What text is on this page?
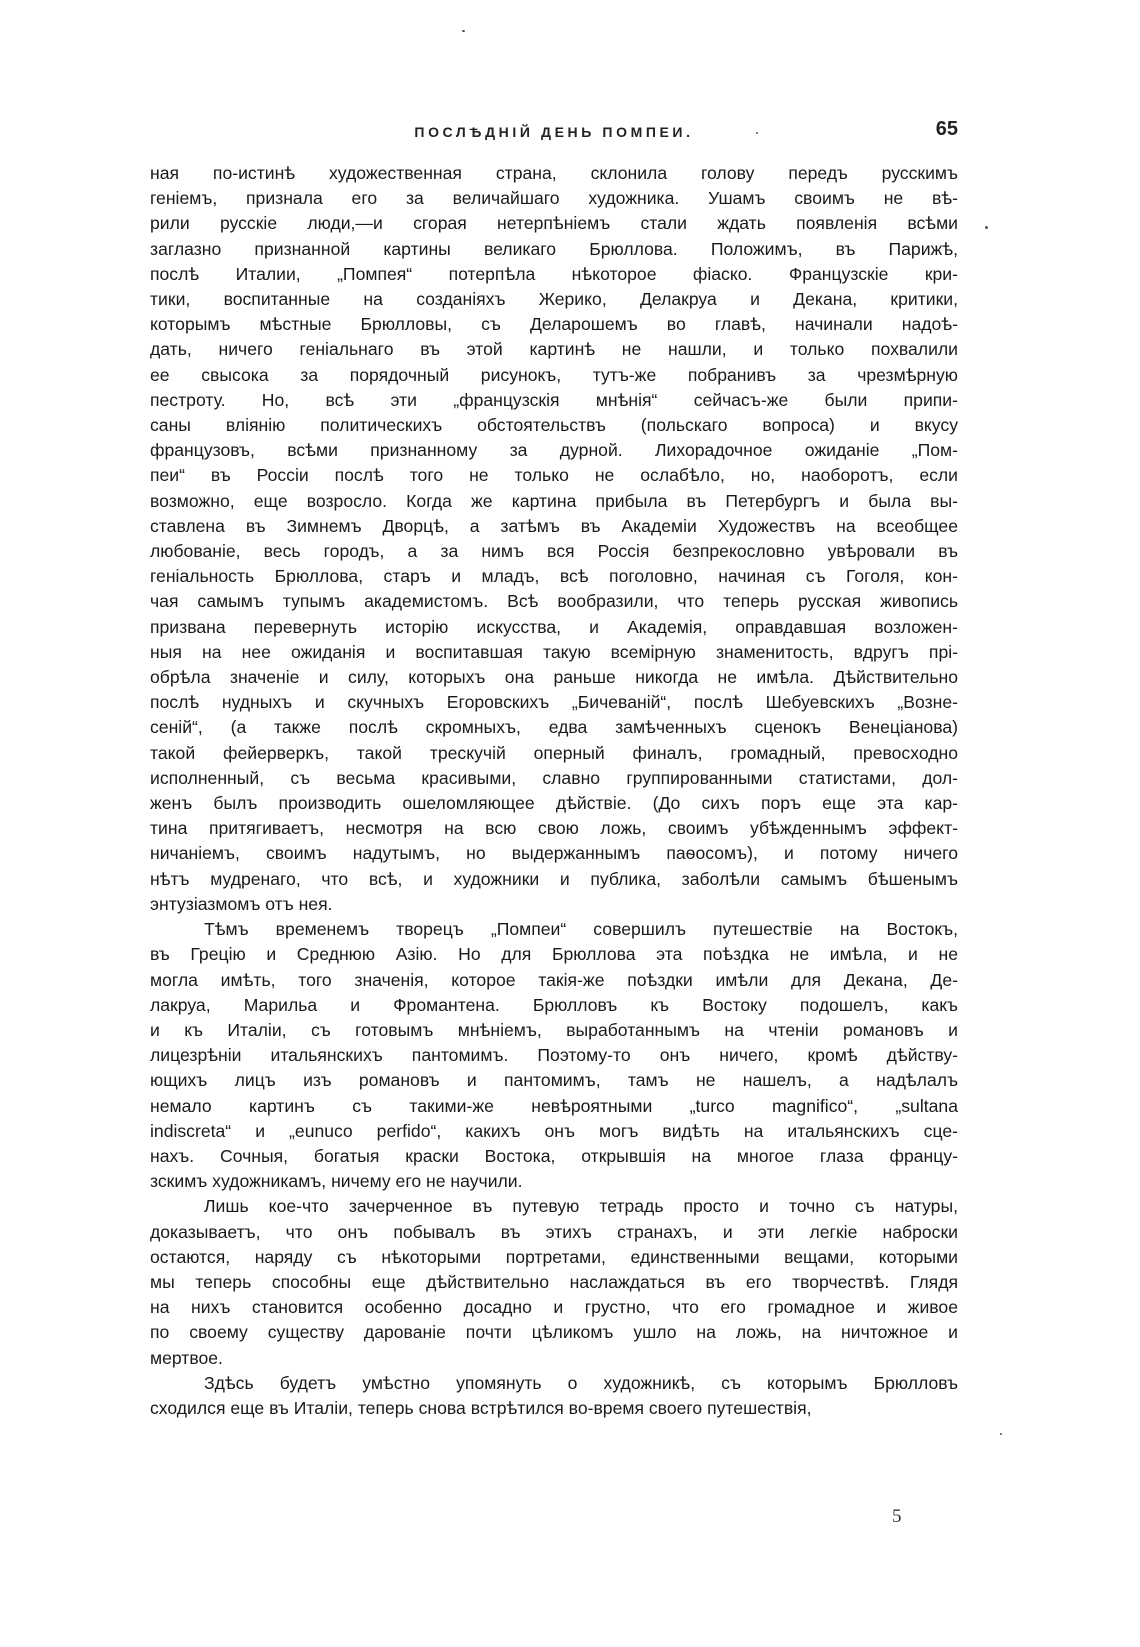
ПОСЛѢДНIЙ ДЕНЬ ПОМПЕИ.	65

ная по-истинѣ художественная страна, склонила голову передъ русскимъ
геніемъ, признала его за величайшаго художника. Ушамъ своимъ не вѣ-
рили русскіе люди,—и сгорая нетерпѣніемъ стали ждать появленія всѣми
заглазно признанной картины великаго Брюллова. Положимъ, въ Парижѣ,
послѣ Италии, „Помпея“ потерпѣла нѣкоторое фіаско. Французскіе кри-
тики, воспитанные на созданіяхъ Жерико, Делакруа и Декана, критики,
которымъ мѣстные Брюлловы, съ Деларошемъ во главѣ, начинали надоѣ-
дать, ничего геніальнаго въ этой картинѣ не нашли, и только похвалили
ее свысока за порядочный рисунокъ, тутъ-же побранивъ за чрезмѣрную
пестроту. Но, всѣ эти „французскія мнѣнія“ сейчасъ-же были припи-
саны вліянію политическихъ обстоятельствъ (польскаго вопроса) и вкусу
французовъ, всѣми признанному за дурной. Лихорадочное ожиданіе „Пом-
пеи“ въ Россіи послѣ того не только не ослабѣло, но, наоборотъ, если
возможно, еще возросло. Когда же картина прибыла въ Петербургъ и была вы-
ставлена въ Зимнемъ Дворцѣ, а затѣмъ въ Академіи Художествъ на всеобщее
любованіе, весь городъ, а за нимъ вся Россія безпрекословно увѣровали въ
геніальность Брюллова, старъ и младъ, всѣ поголовно, начиная съ Гоголя, кон-
чая самымъ тупымъ академистомъ. Всѣ вообразили, что теперь русская живопись
призвана перевернуть исторію искусства, и Академія, оправдавшая возложен-
ныя на нее ожиданія и воспитавшая такую всемірную знаменитость, вдругъ прі-
обрѣла значеніе и силу, которыхъ она раньше никогда не имѣла. Дѣйствительно
послѣ нудныхъ и скучныхъ Егоровскихъ „Бичеваній“, послѣ Шебуевскихъ „Возне-
сеній“, (а также послѣ скромныхъ, едва замѣченныхъ сценокъ Венеціанова)
такой фейерверкъ, такой трескучій оперный финалъ, громадный, превосходно
исполненный, съ весьма красивыми, славно группированными статистами, дол-
женъ былъ производить ошеломляющее дѣйствіе. (До сихъ поръ еще эта кар-
тина притягиваетъ, несмотря на всю свою ложь, своимъ убѣжденнымъ эффект-
ничаніемъ, своимъ надутымъ, но выдержаннымъ паѳосомъ), и потому ничего
нѣтъ мудренаго, что всѣ, и художники и публика, заболѣли самымъ бѣшенымъ
энтузіазмомъ отъ нея.

Тѣмъ временемъ творецъ „Помпеи“ совершилъ путешествіе на Востокъ,
въ Грецію и Среднюю Азію. Но для Брюллова эта поѣздка не имѣла, и не
могла имѣть, того значенія, которое такія-же поѣздки имѣли для Декана, Де-
лакруа, Марильа и Фромантена. Брюлловъ къ Востоку подошелъ, какъ
и къ Италіи, съ готовымъ мнѣніемъ, выработаннымъ на чтеніи романовъ и
лицезрѣніи итальянскихъ пантомимъ. Поэтому-то онъ ничего, кромѣ дѣйству-
ющихъ лицъ изъ романовъ и пантомимъ, тамъ не нашелъ, а надѣлалъ
немало картинъ съ такими-же невѣроятными „turco magnifico“, „sultana
indiscreta“ и „eunuco perfido“, какихъ онъ могъ видѣть на итальянскихъ сце-
нахъ. Сочныя, богатыя краски Востока, открывшія на многое глаза францу-
зскимъ художникамъ, ничему его не научили.

Лишь кое-что зачерченное въ путевую тетрадь просто и точно съ натуры,
доказываетъ, что онъ побывалъ въ этихъ странахъ, и эти легкіе наброски
остаются, наряду съ нѣкоторыми портретами, единственными вещами, которыми
мы теперь способны еще дѣйствительно наслаждаться въ его творчествѣ. Глядя
на нихъ становится особенно досадно и грустно, что его громадное и живое
по своему существу дарованіе почти цѣликомъ ушло на ложь, на ничтожное и
мертвое.

Здѣсь будетъ умѣстно упомянуть о художникѣ, съ которымъ Брюлловъ
сходился еще въ Италіи, теперь снова встрѣтился во-время своего путешествія,

5
